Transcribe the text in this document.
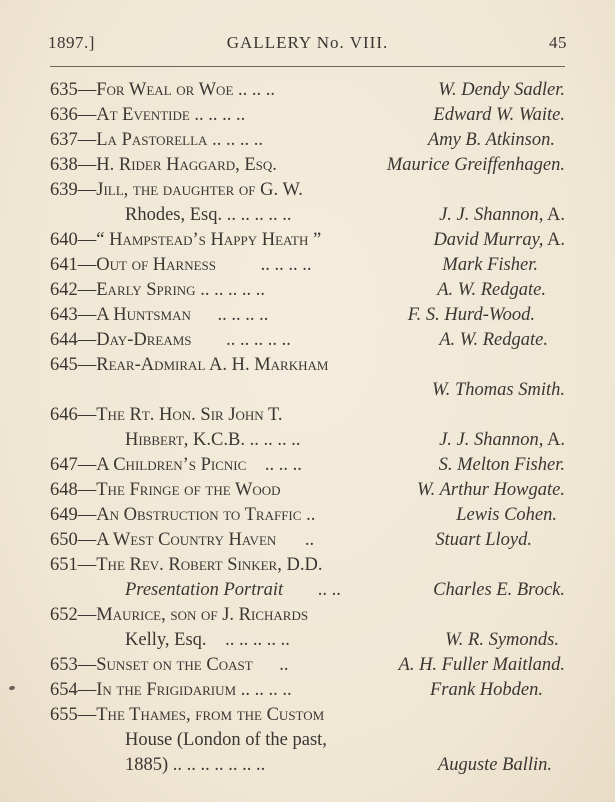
1897.]	GALLERY No. VIII.	45
635—For Weal or Woe .. .. ..	W. Dendy Sadler.
636—At Eventide .. .. .. ..	Edward W. Waite.
637—La Pastorella .. .. .. ..	Amy B. Atkinson.
638—H. Rider Haggard, Esq.	Maurice Greiffenhagen.
639—Jill, the daughter of G. W.
Rhodes, Esq. .. .. .. .. ..	J. J. Shannon, A.
640—“ Hampstead’s Happy Heath ”	David Murray, A.
641—Out of Harness .. .. .. ..	Mark Fisher.
642—Early Spring .. .. .. .. ..	A. W. Redgate.
643—A Huntsman .. .. .. ..	F. S. Hurd-Wood.
644—Day-Dreams .. .. .. .. ..	A. W. Redgate.
645—Rear-Admiral A. H. Markham
W. Thomas Smith.
646—The Rt. Hon. Sir John T.
Hibbert, K.C.B. .. .. .. ..	J. J. Shannon, A.
647—A Children’s Picnic .. .. ..	S. Melton Fisher.
648—The Fringe of the Wood	W. Arthur Howgate.
649—An Obstruction to Traffic ..	Lewis Cohen.
650—A West Country Haven ..	Stuart Lloyd.
651—The Rev. Robert Sinker, D.D.
Presentation Portrait .. ..	Charles E. Brock.
652—Maurice, son of J. Richards
Kelly, Esq. .. .. .. .. ..	W. R. Symonds.
653—Sunset on the Coast ..	A. H. Fuller Maitland.
654—In the Frigidarium .. .. .. ..	Frank Hobden.
655—The Thames, from the Custom
House (London of the past,
1885) .. .. .. .. .. .. ..	Auguste Ballin.
